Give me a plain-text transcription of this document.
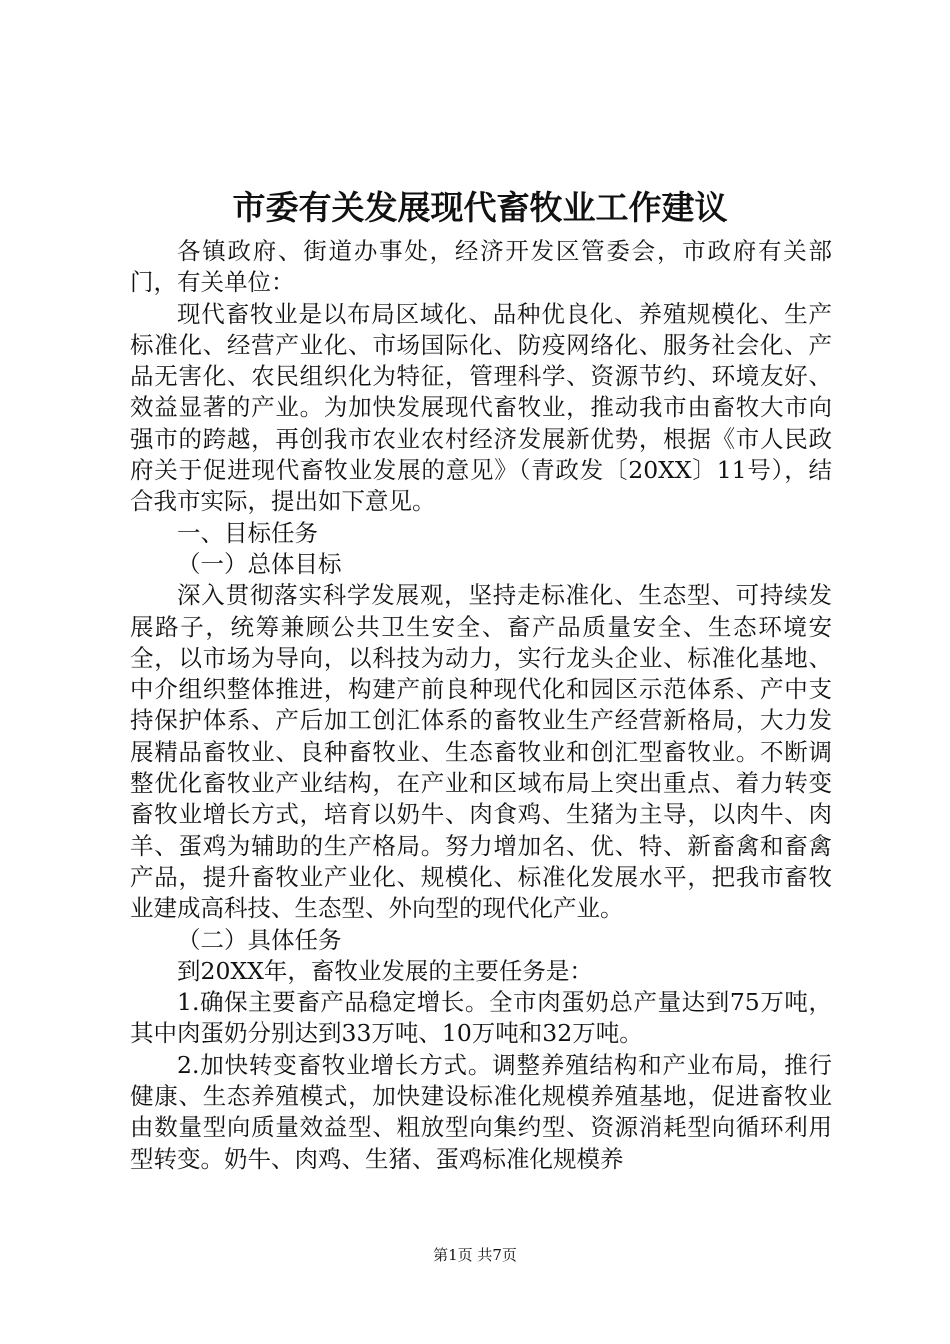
市委有关发展现代畜牧业工作建议

各镇政府、街道办事处，经济开发区管委会，市政府有关部门，有关单位：

现代畜牧业是以布局区域化、品种优良化、养殖规模化、生产标准化、经营产业化、市场国际化、防疫网络化、服务社会化、产品无害化、农民组织化为特征，管理科学、资源节约、环境友好、效益显著的产业。为加快发展现代畜牧业，推动我市由畜牧大市向强市的跨越，再创我市农业农村经济发展新优势，根据《市人民政府关于促进现代畜牧业发展的意见》（青政发〔20XX〕11号），结合我市实际，提出如下意见。

一、目标任务

（一）总体目标

深入贯彻落实科学发展观，坚持走标准化、生态型、可持续发展路子，统筹兼顾公共卫生安全、畜产品质量安全、生态环境安全，以市场为导向，以科技为动力，实行龙头企业、标准化基地、中介组织整体推进，构建产前良种现代化和园区示范体系、产中支持保护体系、产后加工创汇体系的畜牧业生产经营新格局，大力发展精品畜牧业、良种畜牧业、生态畜牧业和创汇型畜牧业。不断调整优化畜牧业产业结构，在产业和区域布局上突出重点、着力转变畜牧业增长方式，培育以奶牛、肉食鸡、生猪为主导，以肉牛、肉羊、蛋鸡为辅助的生产格局。努力增加名、优、特、新畜禽和畜禽产品，提升畜牧业产业化、规模化、标准化发展水平，把我市畜牧业建成高科技、生态型、外向型的现代化产业。

（二）具体任务

到20XX年，畜牧业发展的主要任务是：

1.确保主要畜产品稳定增长。全市肉蛋奶总产量达到75万吨，其中肉蛋奶分别达到33万吨、10万吨和32万吨。

2.加快转变畜牧业增长方式。调整养殖结构和产业布局，推行健康、生态养殖模式，加快建设标准化规模养殖基地，促进畜牧业由数量型向质量效益型、粗放型向集约型、资源消耗型向循环利用型转变。奶牛、肉鸡、生猪、蛋鸡标准化规模养

第1页 共7页
